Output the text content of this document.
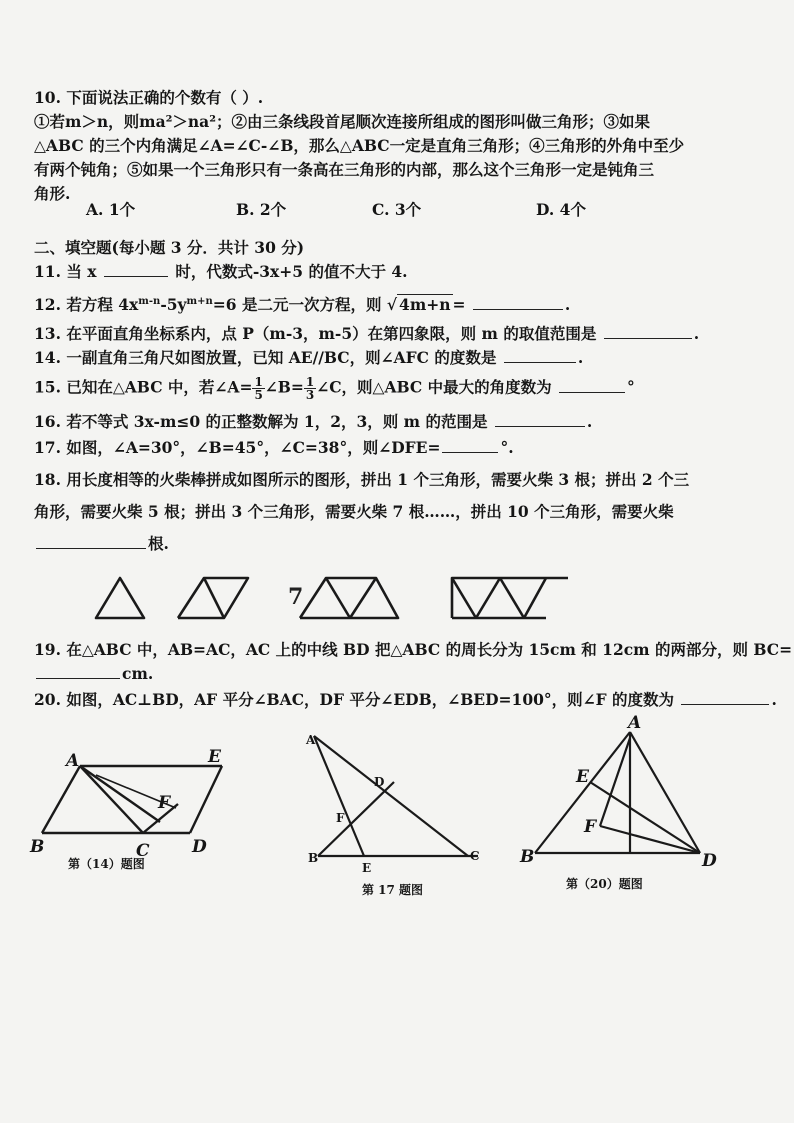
10. 下面说法正确的个数有（ ）.
①若m＞n，则ma²＞na²；②由三条线段首尾顺次连接所组成的图形叫做三角形；③如果
△ABC 的三个内角满足∠A=∠C-∠B，那么△ABC一定是直角三角形；④三角形的外角中至少
有两个钝角；⑤如果一个三角形只有一条高在三角形的内部，那么这个三角形一定是钝角三
角形.
A. 1个	B. 2个	C. 3个	D. 4个
二、填空题(每小题 3 分．共计 30 分)
11. 当 x	时，代数式-3x+5 的值不大于 4.
12. 若方程 $4x^{m-n}-5y^{m+n}=6$ 是二元一次方程，则 √ 4m+n =	.
13. 在平面直角坐标系内，点 P（m-3，m-5）在第四象限，则 m 的取值范围是	.
14. 一副直角三角尺如图放置，已知 AE//BC，则∠AFC 的度数是	.
15. 已知在△ABC 中，若∠A= $\frac{1}{5}$ ∠B= $\frac{1}{3}$ ∠C，则△ABC 中最大的角度数为	°
16. 若不等式 3x-m≤0 的正整数解为 1，2，3，则 m 的范围是	.
17. 如图，∠A=30°，∠B=45°，∠C=38°，则∠DFE=	°.
18. 用长度相等的火柴棒拼成如图所示的图形，拼出 1 个三角形，需要火柴 3 根；拼出 2 个三
角形，需要火柴 5 根；拼出 3 个三角形，需要火柴 7 根……，拼出 10 个三角形，需要火柴
根.
7
19. 在△ABC 中，AB=AC，AC 上的中线 BD 把△ABC 的周长分为 15cm 和 12cm 的两部分，则 BC=
cm.
20. 如图，AC⊥BD，AF 平分∠BAC，DF 平分∠EDB，∠BED=100°，则∠F 的度数为	.
A	E
F
B	C D
第（14）题图
A
D
F
B
E
C
第 17 题图
A
E
F
B	D
第（20）题图
